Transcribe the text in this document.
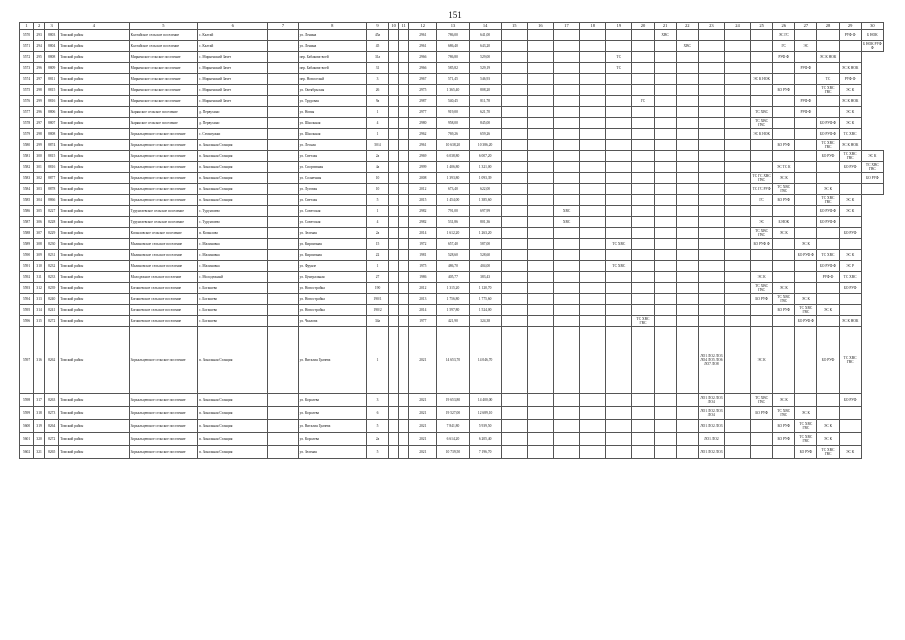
151
1	2	3	4	5	6	7	8	9	10	11	12	13	14	15	16	17	18	19	20	21	22	23	24	25	26	27	28	29	30
5570	293	8803	Томский район	Калтайское сельское поселение	с. Калтай		ул. Ленина	45а			2961	786,00	641,00							ХВС					ЭС ГС			РУФ Ф	Б НОК
5571	294	8804	Томский район	Калтайское сельское поселение	с. Калтай		ул. Ленина	45			2961	686,40	643,20								ХВС				ГС	ЭС			Б НОК РУФ Ф
5572	295	8808	Томский район	Мирненское сельское поселение	с. Мирненский Зачет		пер. Бабакова-воей	31а			2966	786,80	529,00					ТС							РУФ Ф		ЭС К НОК		
5573	296	8809	Томский район	Мирненское сельское поселение	с. Мирненский Зачет		пер. Бабакова-воей	31			2966	585,82	529,19					ТС								РУФ Ф		ЭС К НОК	
5574	297	8811	Томский район	Мирненское сельское поселение	с. Мирненский Зачет		пер. Новоселый	3			2967	571,45	546,93											ЭС К НОК			ТС	РУФ Ф	
5575	298	8815	Томский район	Мирненское сельское поселение	с. Мирненский Зачет		ул. Октябрьская	26			2975	1 365,40	808,20												БО РУФ		ТС ХВС ГВС	ЭС К	
5576	299	8816	Томский район	Мирненское сельское поселение	с. Мирненский Зачет		ул. Трудовая	9а			2987	540,45	811,78						ГС							РУФ Ф		ЭС К НОК	
5577	296	8806	Томский район	Зырянское сельское поселение	д. Первухино		ул. Новая	1			2977	919,00	621,70											ТС ХВС		РУФ Ф		ЭС К	
5578	297	8807	Томский район	Зырянское сельское поселение	д. Первухино		ул. Школьная	4			2980	958,00	845,00											ТС ХВС ГВС			БО РУФ Ф	ЭС К	
5579	298	8808	Томский район	Зоркальцевское сельское поселение	с. Семилужки		ул. Школьная	1			2962	769,26	659,26											ЭС К НОК			БО РУФ Ф	ТС ХВС	
5580	299	8874	Томский район	Зоркальцевское сельское поселение	п. Зональная Станция		ул. Лесная	50/4			2961	10 638,20	10 386,20												БО РУФ		ТС ХВС ГВС	ЭС К НОК	
5581	300	8815	Томский район	Зоркальцевское сельское поселение	п. Зональная Станция		ул. Светлая	2а			2969	6 038,80	6 007,20														БО РУФ	ТС ХВС ГВС	ЭС К
5582	301	8816	Томский район	Зоркальцевское сельское поселение	п. Зональная Станция		ул. Спортивная	4а			2999	1 406,80	1 321,00												ЭС ТС К			БО РУФ	ТС ХВС ГВС
5583	302	8877	Томский район	Зоркальцевское сельское поселение	п. Зональная Станция		ул. Солнечная	10			2008	1 393,80	1 093,39											ТС ГС ХВС ГВС	ЭС К				БО РУФ
5584	303	8878	Томский район	Зоркальцевское сельское поселение	п. Зональная Станция		ул. Луговая	10			2012	673,40	622,00											ТС ГС РУФ	ТС ХВС ГВС		ЭС К		
5585	304	8866	Томский район	Зоркальцевское сельское поселение	п. Зональная Станция		ул. Светлая	5			2015	1 454,00	1 385,60											ГС	БО РУФ		ТС ХВС ГВС	ЭС К	
5586	305	8227	Томский район	Турунтаевское сельское поселение	с. Турунтаево		ул. Советская	1			2982	791,00	697,99			ХВС											БО РУФ Ф	ЭС К	
5587	306	8228	Томский район	Турунтаевское сельское поселение	с. Турунтаево		ул. Советская	4			2982	531,86	801,36			ХВС								ЭС	Б НОК		БО РУФ Ф		
5588	307	8229	Томский район	Копыловское сельское поселение	п. Копылово		ул. Зеленая	2а			2014	1 612,20	1 263,20											ТС ХВС ГВС	ЭС К			БО РУФ	
5589	308	8230	Томский район	Малиновское сельское поселение	с. Малиновка		ул. Кирпичная	15			1972	657,40	587,00					ТС ХВС						БО РУФ Ф		ЭС К			
5590	309	8231	Томский район	Малиновское сельское поселение	с. Малиновка		ул. Кирпичная	22			1981	528,60	528,60													БО РУФ Ф	ТС ХВС	ЭС К	
5591	310	8232	Томский район	Малиновское сельское поселение	с. Малиновка		ул. Фрунзе	1			1975	486,70	404,00					ТС ХВС									БО РУФ Ф	ЭС Р	
5592	311	8233	Томский район	Молодежное сельское поселение	с. Молодежный		ул. Центральная	27			1986	405,77	383,43											ЭС К			РУФ Ф	ТС ХВС	
5593	312	8239	Томский район	Богашевское сельское поселение	с. Богашево		ул. Новостройка	190			2012	1 315,20	1 120,70											ТС ХВС ГВС	ЭС К			БО РУФ	
5594	313	8240	Томский район	Богашевское сельское поселение	с. Богашево		ул. Новостройка	190/1			2013	1 756,80	1 775,60											БО РУФ	ТС ХВС ГВС	ЭС К			
5595	314	8241	Томский район	Богашевское сельское поселение	с. Богашево		ул. Новостройка	190/2			2014	1 597,80	1 524,00												БО РУФ	ТС ХВС ГВС	ЭС К		
5596	315	8272	Томский район	Богашевское сельское поселение	с. Богашево		ул. Чкалова	34а			1977	421,90	324,38						ТС ХВС ГВС							БО РУФ Ф		ЭС К НОК	
5597	316	8262	Томский район	Зоркальцевское сельское поселение	п. Зональная Станция		ул. Виталия Грачева	1			2021	14 653,70	14 046,70									ЛО1 ЛО2 ЛО3 ЛО4 ЛО5 ЛО6 ЛО7 ЛО8		ЭС К			БО РУФ	ТС ХВС ГВС	
5598	317	8263	Томский район	Зоркальцевское сельское поселение	п. Зональная Станция		ул. Королева	3			2021	19 653,80	14 400,00									ЛО1 ЛО2 ЛО3 ЛО4		ТС ХВС ГВС	ЭС К			БО РУФ	
5599	318	8273	Томский район	Зоркальцевское сельское поселение	п. Зональная Станция		ул. Королева	6			2021	19 527,00	12 689,10									ЛО1 ЛО2 ЛО3 ЛО4		БО РУФ	ТС ХВС ГВС	ЭС К			
5600	319	8264	Томский район	Зоркальцевское сельское поселение	п. Зональная Станция		ул. Виталия Грачева	5			2021	7 841,80	5 939,50									ЛО1 ЛО2 ЛО3			БО РУФ	ТС ХВС ГВС	ЭС К		
5601	320	8272	Томский район	Зоркальцевское сельское поселение	п. Зональная Станция		ул. Королева	2а			2021	6 614,20	6 205,40									ЛО1 ЛО2			БО РУФ	ТС ХВС ГВС	ЭС К		
5602	321	8265	Томский район	Зоркальцевское сельское поселение	п. Зональная Станция		ул. Зеленая	5			2021	10 739,50	7 196,70									ЛО1 ЛО2 ЛО3				БО РУФ	ТС ХВС ГВС	ЭС К	
